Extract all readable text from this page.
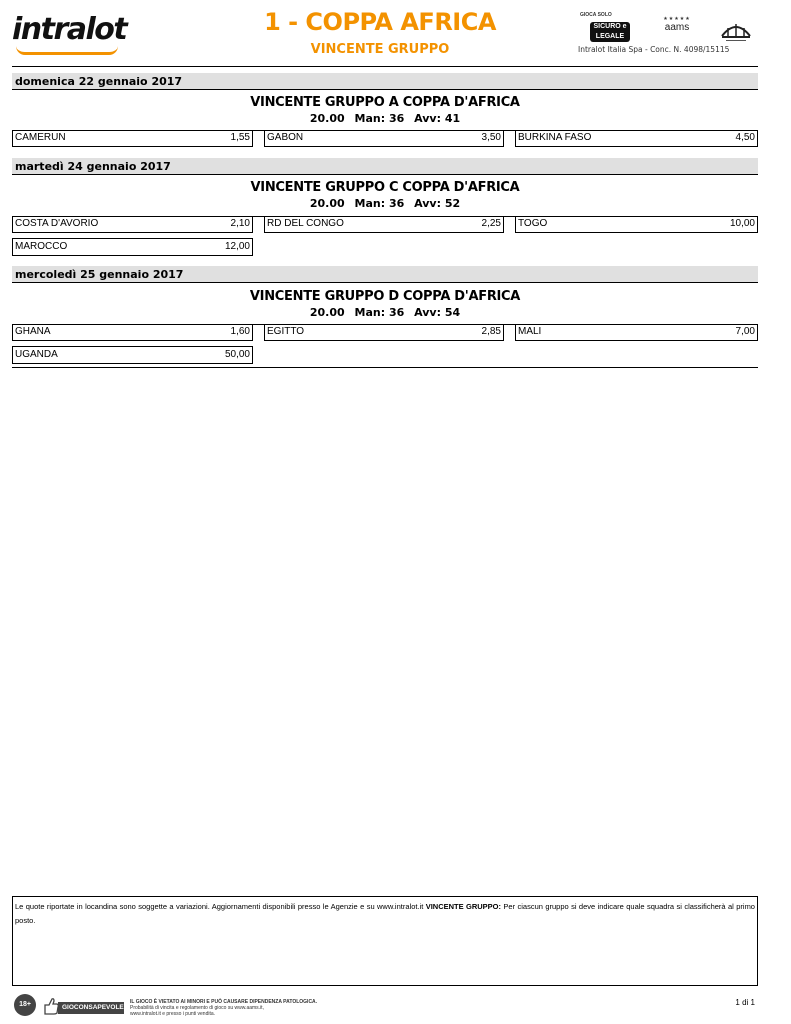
intralot	1 - COPPA AFRICA
VINCENTE GRUPPO
GIOCA SOLO
SICURO e
LEGALE
★★★★★
aams
Intralot Italia Spa - Conc. N. 4098/15115
domenica 22 gennaio 2017
VINCENTE GRUPPO A COPPA D'AFRICA
20.00 Man: 36 Avv: 41
CAMERUN	1,55 GABON	3,50 BURKINA FASO	4,50
martedì 24 gennaio 2017
VINCENTE GRUPPO C COPPA D'AFRICA
20.00 Man: 36 Avv: 52
COSTA D'AVORIO	2,10 RD DEL CONGO	2,25 TOGO	10,00
MAROCCO	12,00
mercoledì 25 gennaio 2017
VINCENTE GRUPPO D COPPA D'AFRICA
20.00 Man: 36 Avv: 54
GHANA	1,60 EGITTO	2,85 MALI	7,00
UGANDA	50,00
Le quote riportate in locandina sono soggette a variazioni. Aggiornamenti disponibili presso le Agenzie e su www.intralot.it VINCENTE GRUPPO: Per ciascun gruppo si deve indicare quale squadra si classificherà al primo posto.
18+	GIOCONSAPEVOLE
IL GIOCO È VIETATO AI MINORI E PUÒ CAUSARE DIPENDENZA PATOLOGICA.
Probabilità di vincita e regolamento di gioco su www.aams.it,
www.intralot.it e presso i punti vendita.
1 di 1
